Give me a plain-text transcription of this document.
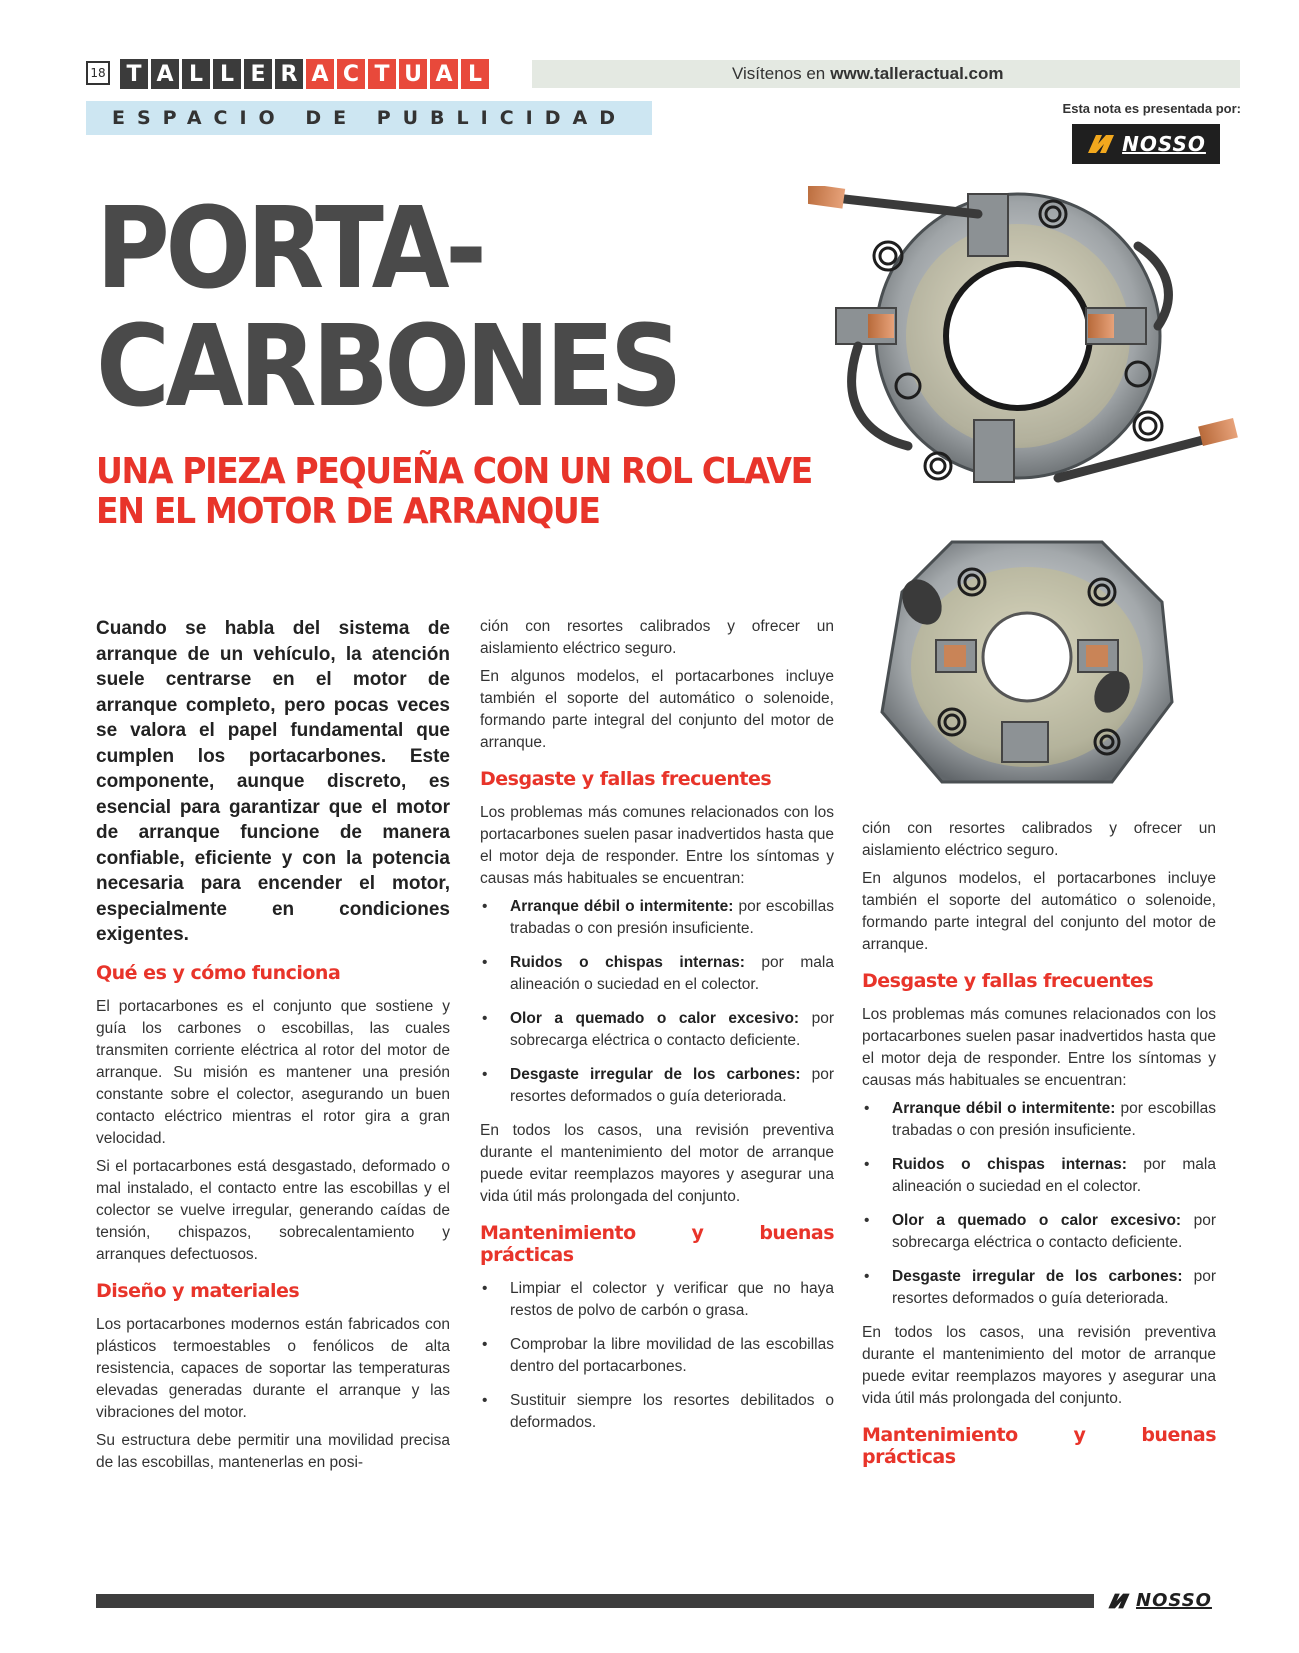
18 T A L L E R A C T U A L	Visítenos en www.talleractual.com
ESPACIO DE PUBLICIDAD	Esta nota es presentada por:
NOSSO
PORTA-
CARBONES
UNA PIEZA PEQUEÑA CON UN ROL CLAVE
EN EL MOTOR DE ARRANQUE

Cuando se habla del sistema de arranque de un vehículo, la atención suele centrarse en el motor de arranque completo, pero pocas veces se valora el papel fundamental que cumplen los portacarbones. Este componente, aunque discreto, es esencial para garantizar que el motor de arranque funcione de manera confiable, eficiente y con la potencia necesaria para encender el motor, especialmente en condiciones exigentes.

Qué es y cómo funciona

El portacarbones es el conjunto que sostiene y guía los carbones o escobillas, las cuales transmiten corriente eléctrica al rotor del motor de arranque. Su misión es mantener una presión constante sobre el colector, asegurando un buen contacto eléctrico mientras el rotor gira a gran velocidad.

Si el portacarbones está desgastado, deformado o mal instalado, el contacto entre las escobillas y el colector se vuelve irregular, generando caídas de tensión, chispazos, sobrecalentamiento y arranques defectuosos.

Diseño y materiales

Los portacarbones modernos están fabricados con plásticos termoestables o fenólicos de alta resistencia, capaces de soportar las temperaturas elevadas generadas durante el arranque y las vibraciones del motor.

Su estructura debe permitir una movilidad precisa de las escobillas, mantenerlas en posi-

ción con resortes calibrados y ofrecer un aislamiento eléctrico seguro.

En algunos modelos, el portacarbones incluye también el soporte del automático o solenoide, formando parte integral del conjunto del motor de arranque.

Desgaste y fallas frecuentes

Los problemas más comunes relacionados con los portacarbones suelen pasar inadvertidos hasta que el motor deja de responder. Entre los síntomas y causas más habituales se encuentran:

• Arranque débil o intermitente: por escobillas trabadas o con presión insuficiente.
• Ruidos o chispas internas: por mala alineación o suciedad en el colector.
• Olor a quemado o calor excesivo: por sobrecarga eléctrica o contacto deficiente.
• Desgaste irregular de los carbones: por resortes deformados o guía deteriorada.

En todos los casos, una revisión preventiva durante el mantenimiento del motor de arranque puede evitar reemplazos mayores y asegurar una vida útil más prolongada del conjunto.

Mantenimiento y buenas prácticas
• Limpiar el colector y verificar que no haya restos de polvo de carbón o grasa.
• Comprobar la libre movilidad de las escobillas dentro del portacarbones.
• Sustituir siempre los resortes debilitados o deformados.

ción con resortes calibrados y ofrecer un aislamiento eléctrico seguro.

En algunos modelos, el portacarbones incluye también el soporte del automático o solenoide, formando parte integral del conjunto del motor de arranque.

Desgaste y fallas frecuentes

Los problemas más comunes relacionados con los portacarbones suelen pasar inadvertidos hasta que el motor deja de responder. Entre los síntomas y causas más habituales se encuentran:

• Arranque débil o intermitente: por escobillas trabadas o con presión insuficiente.
• Ruidos o chispas internas: por mala alineación o suciedad en el colector.
• Olor a quemado o calor excesivo: por sobrecarga eléctrica o contacto deficiente.
• Desgaste irregular de los carbones: por resortes deformados o guía deteriorada.

En todos los casos, una revisión preventiva durante el mantenimiento del motor de arranque puede evitar reemplazos mayores y asegurar una vida útil más prolongada del conjunto.

Mantenimiento y buenas prácticas
NOSSO
